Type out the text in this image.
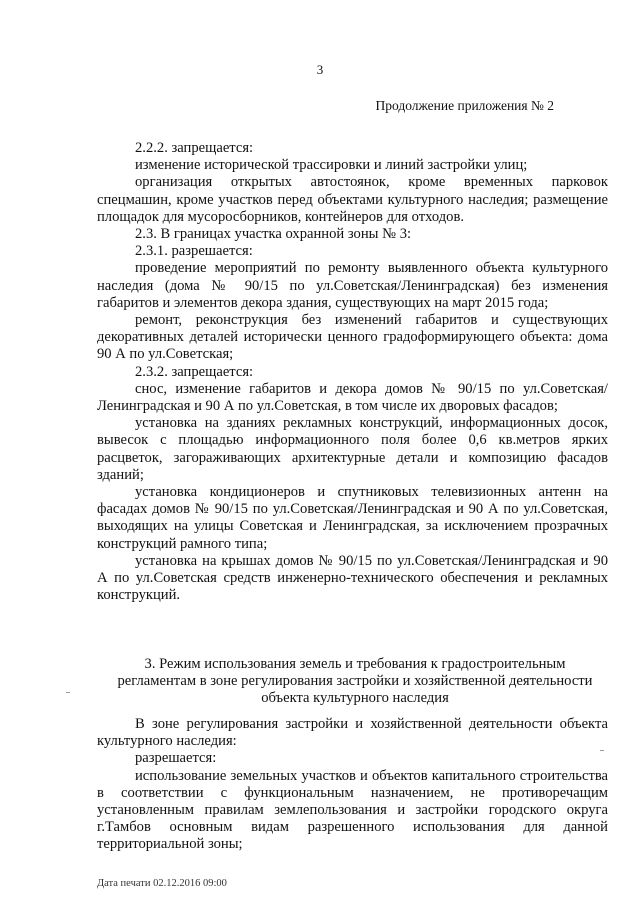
3
Продолжение приложения № 2

2.2.2. запрещается:

изменение исторической трассировки и линий застройки улиц;

организация открытых автостоянок, кроме временных парковок спецмашин, кроме участков перед объектами культурного наследия; размещение площадок для мусоросборников, контейнеров для отходов.

2.3. В границах участка охранной зоны № 3:

2.3.1. разрешается:

проведение мероприятий по ремонту выявленного объекта культурного наследия (дома № 90/15 по ул.Советская/Ленинградская) без изменения габаритов и элементов декора здания, существующих на март 2015 года;

ремонт, реконструкция без изменений габаритов и существующих декоративных деталей исторически ценного градоформирующего объекта: дома 90 А по ул.Советская;

2.3.2. запрещается:

снос, изменение габаритов и декора домов № 90/15 по ул.Советская/Ленинградская и 90 А по ул.Советская, в том числе их дворовых фасадов;

установка на зданиях рекламных конструкций, информационных досок, вывесок с площадью информационного поля более 0,6 кв.метров ярких расцветок, загораживающих архитектурные детали и композицию фасадов зданий;

установка кондиционеров и спутниковых телевизионных антенн на фасадах домов № 90/15 по ул.Советская/Ленинградская и 90 А по ул.Советская, выходящих на улицы Советская и Ленинградская, за исключением прозрачных конструкций рамного типа;

установка на крышах домов № 90/15 по ул.Советская/Ленинградская и 90 А по ул.Советская средств инженерно-технического обеспечения и рекламных конструкций.

3. Режим использования земель и требования к градостроительным регламентам в зоне регулирования застройки и хозяйственной деятельности объекта культурного наследия

В зоне регулирования застройки и хозяйственной деятельности объекта культурного наследия:

разрешается:

использование земельных участков и объектов капитального строительства в соответствии с функциональным назначением, не противоречащим установленным правилам землепользования и застройки городского округа г.Тамбов основным видам разрешенного использования для данной территориальной зоны;

Дата печати 02.12.2016 09:00
